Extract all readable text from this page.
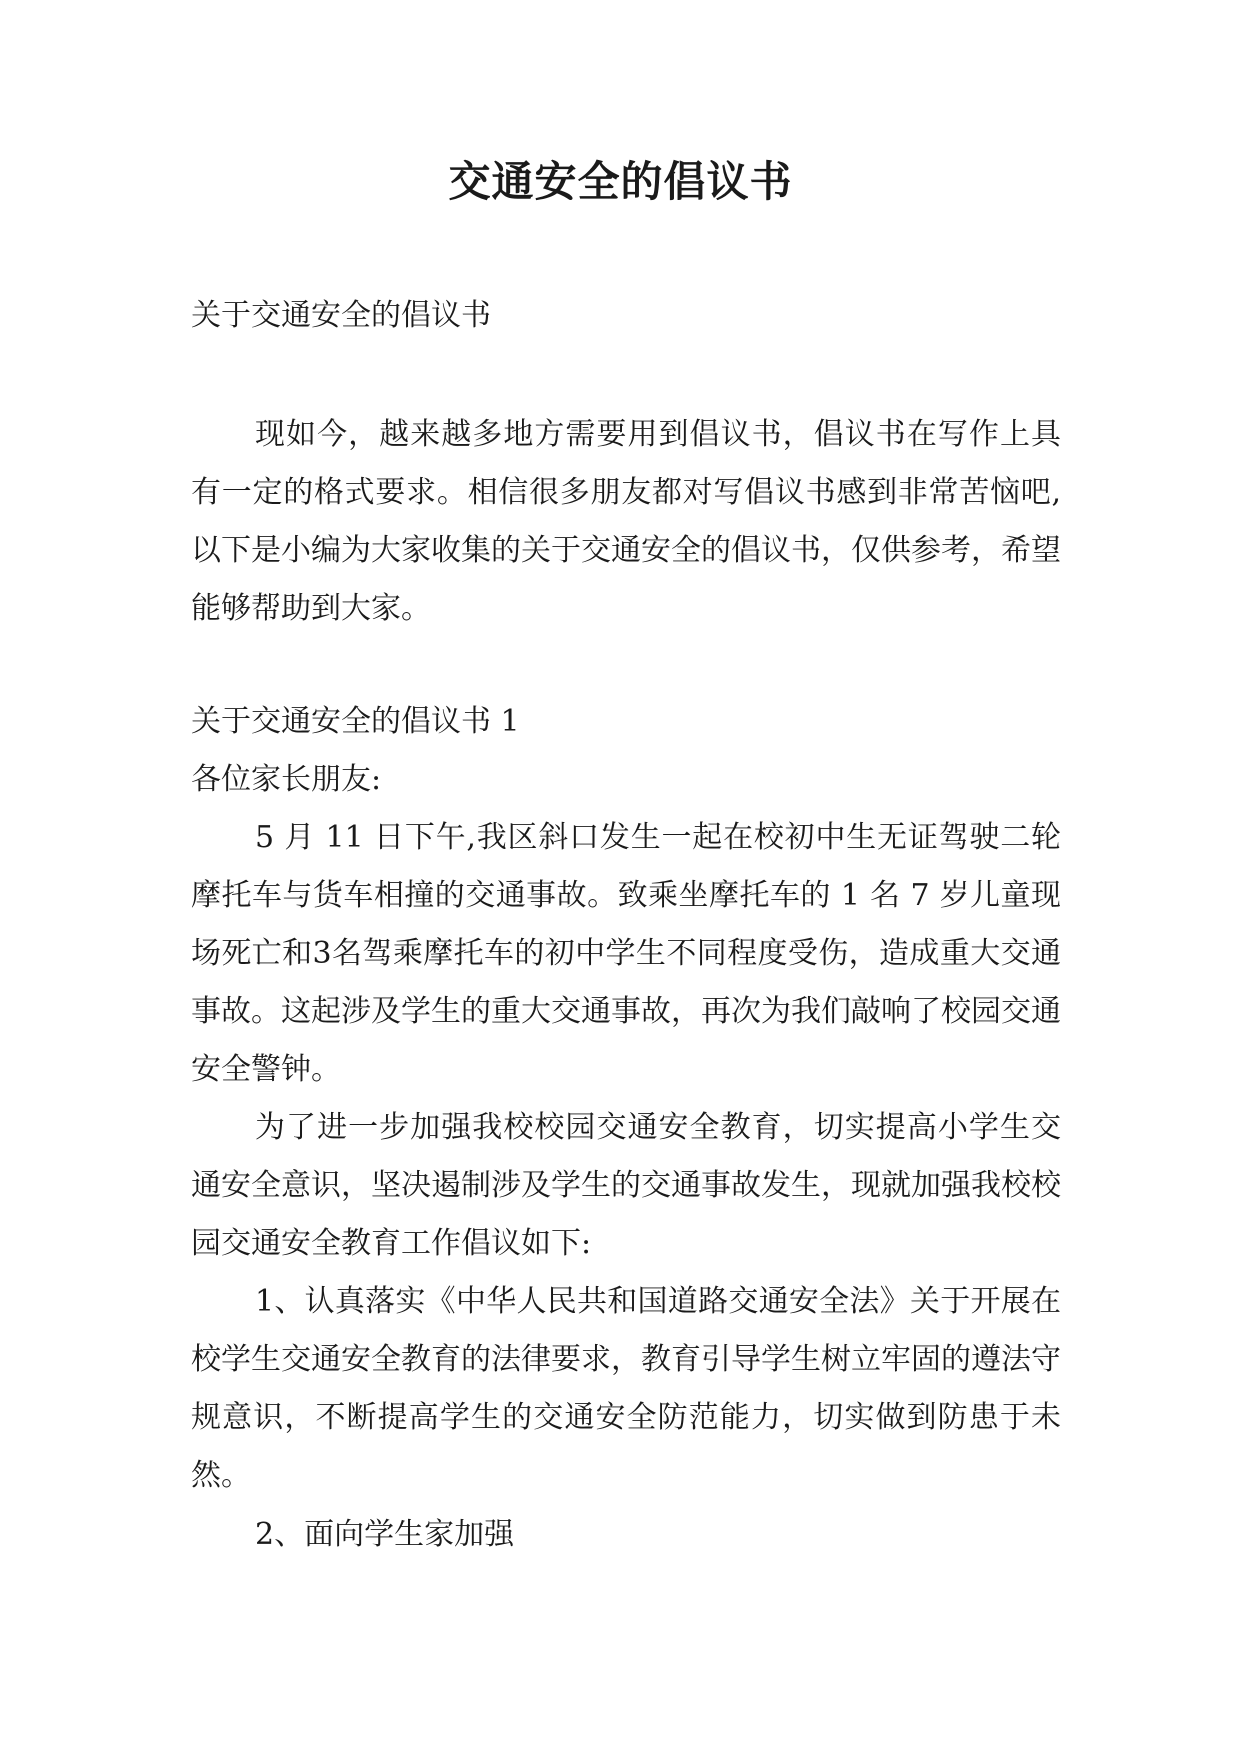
交通安全的倡议书

关于交通安全的倡议书

现如今，越来越多地方需要用到倡议书，倡议书在写作上具有一定的格式要求。相信很多朋友都对写倡议书感到非常苦恼吧,以下是小编为大家收集的关于交通安全的倡议书，仅供参考，希望能够帮助到大家。

关于交通安全的倡议书 1

各位家长朋友:

5 月 11 日下午,我区斜口发生一起在校初中生无证驾驶二轮摩托车与货车相撞的交通事故。致乘坐摩托车的 1 名 7 岁儿童现场死亡和3名驾乘摩托车的初中学生不同程度受伤，造成重大交通事故。这起涉及学生的重大交通事故，再次为我们敲响了校园交通安全警钟。

为了进一步加强我校校园交通安全教育，切实提高小学生交通安全意识，坚决遏制涉及学生的交通事故发生，现就加强我校校园交通安全教育工作倡议如下:

1、认真落实《中华人民共和国道路交通安全法》关于开展在校学生交通安全教育的法律要求，教育引导学生树立牢固的遵法守规意识，不断提高学生的交通安全防范能力，切实做到防患于未然。

2、面向学生家加强
